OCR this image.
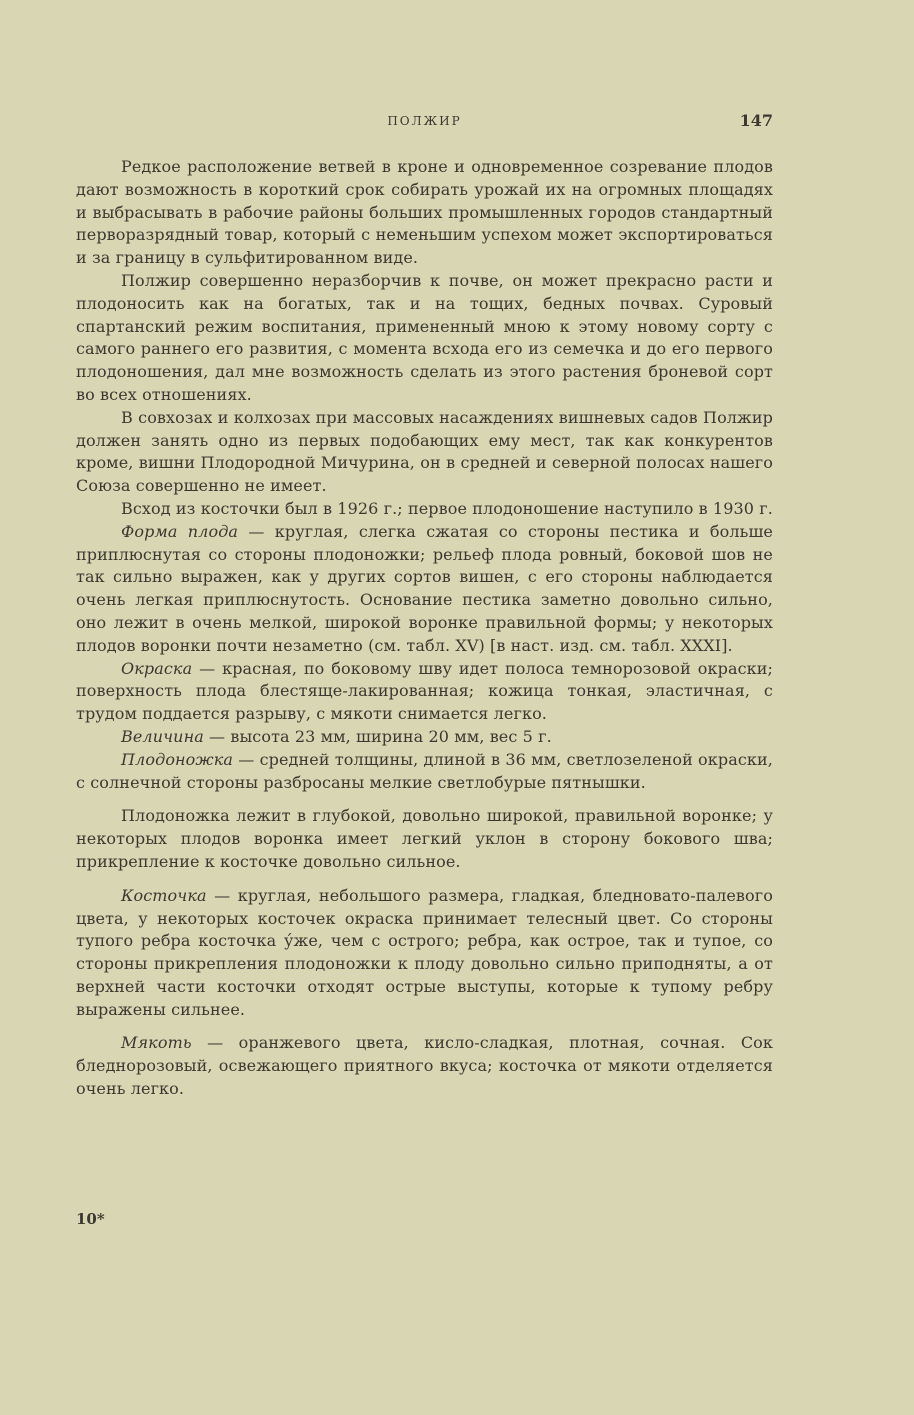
ПОЛЖИР	147

Редкое расположение ветвей в кроне и одновременное созревание плодов дают возможность в короткий срок собирать урожай их на огромных площадях и выбрасывать в рабочие районы больших промышленных городов стандартный перворазрядный товар, который с неменьшим успехом может экспортироваться и за границу в сульфитированном виде.

Полжир совершенно неразборчив к почве, он может прекрасно расти и плодоносить как на богатых, так и на тощих, бедных почвах. Суровый спартанский режим воспитания, примененный мною к этому новому сорту с самого раннего его развития, с момента всхода его из семечка и до его первого плодоношения, дал мне возможность сделать из этого растения броневой сорт во всех отношениях.

В совхозах и колхозах при массовых насаждениях вишневых садов Полжир должен занять одно из первых подобающих ему мест, так как конкурентов кроме, вишни Плодородной Мичурина, он в средней и северной полосах нашего Союза совершенно не имеет.

Всход из косточки был в 1926 г.; первое плодоношение наступило в 1930 г.

Форма плода — круглая, слегка сжатая со стороны пестика и больше приплюснутая со стороны плодоножки; рельеф плода ровный, боковой шов не так сильно выражен, как у других сортов вишен, с его стороны наблюдается очень легкая приплюснутость. Основание пестика заметно довольно сильно, оно лежит в очень мелкой, широкой воронке правильной формы; у некоторых плодов воронки почти незаметно (см. табл. XV) [в наст. изд. см. табл. XXXI].

Окраска — красная, по боковому шву идет полоса темнорозовой окраски; поверхность плода блестяще-лакированная; кожица тонкая, эластичная, с трудом поддается разрыву, с мякоти снимается легко.

Величина — высота 23 мм, ширина 20 мм, вес 5 г.

Плодоножка — средней толщины, длиной в 36 мм, светлозеленой окраски, с солнечной стороны разбросаны мелкие светлобурые пятнышки.

Плодоножка лежит в глубокой, довольно широкой, правильной воронке; у некоторых плодов воронка имеет легкий уклон в сторону бокового шва; прикрепление к косточке довольно сильное.

Косточка — круглая, небольшого размера, гладкая, бледновато-палевого цвета, у некоторых косточек окраска принимает телесный цвет. Со стороны тупого ребра косточка у́же, чем с острого; ребра, как острое, так и тупое, со стороны прикрепления плодоножки к плоду довольно сильно приподняты, а от верхней части косточки отходят острые выступы, которые к тупому ребру выражены сильнее.

Мякоть — оранжевого цвета, кисло-сладкая, плотная, сочная. Сок бледнорозовый, освежающего приятного вкуса; косточка от мякоти отделяется очень легко.

10*
